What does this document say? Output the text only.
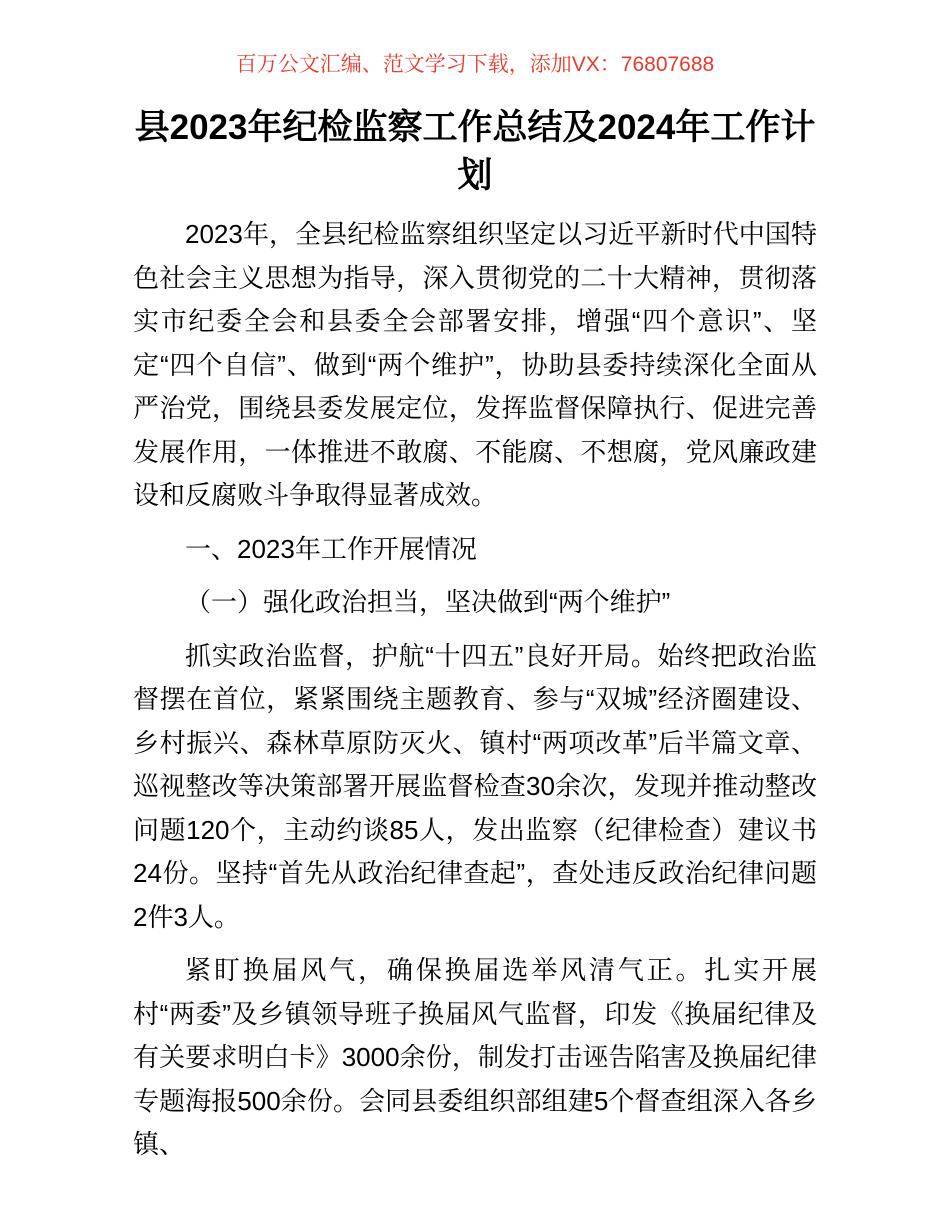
百万公文汇编、范文学习下载，添加VX：76807688
县2023年纪检监察工作总结及2024年工作计
划

2023年，全县纪检监察组织坚定以习近平新时代中国特色社会主义思想为指导，深入贯彻党的二十大精神，贯彻落实市纪委全会和县委全会部署安排，增强“四个意识”、坚定“四个自信”、做到“两个维护”，协助县委持续深化全面从严治党，围绕县委发展定位，发挥监督保障执行、促进完善发展作用，一体推进不敢腐、不能腐、不想腐，党风廉政建设和反腐败斗争取得显著成效。

一、2023年工作开展情况

（一）强化政治担当，坚决做到“两个维护”

抓实政治监督，护航“十四五”良好开局。始终把政治监督摆在首位，紧紧围绕主题教育、参与“双城”经济圈建设、乡村振兴、森林草原防灭火、镇村“两项改革”后半篇文章、巡视整改等决策部署开展监督检查30余次，发现并推动整改问题120个，主动约谈85人，发出监察（纪律检查）建议书24份。坚持“首先从政治纪律查起”，查处违反政治纪律问题2件3人。

紧盯换届风气，确保换届选举风清气正。扎实开展村“两委”及乡镇领导班子换届风气监督，印发《换届纪律及有关要求明白卡》3000余份，制发打击诬告陷害及换届纪律专题海报500余份。会同县委组织部组建5个督查组深入各乡镇、
